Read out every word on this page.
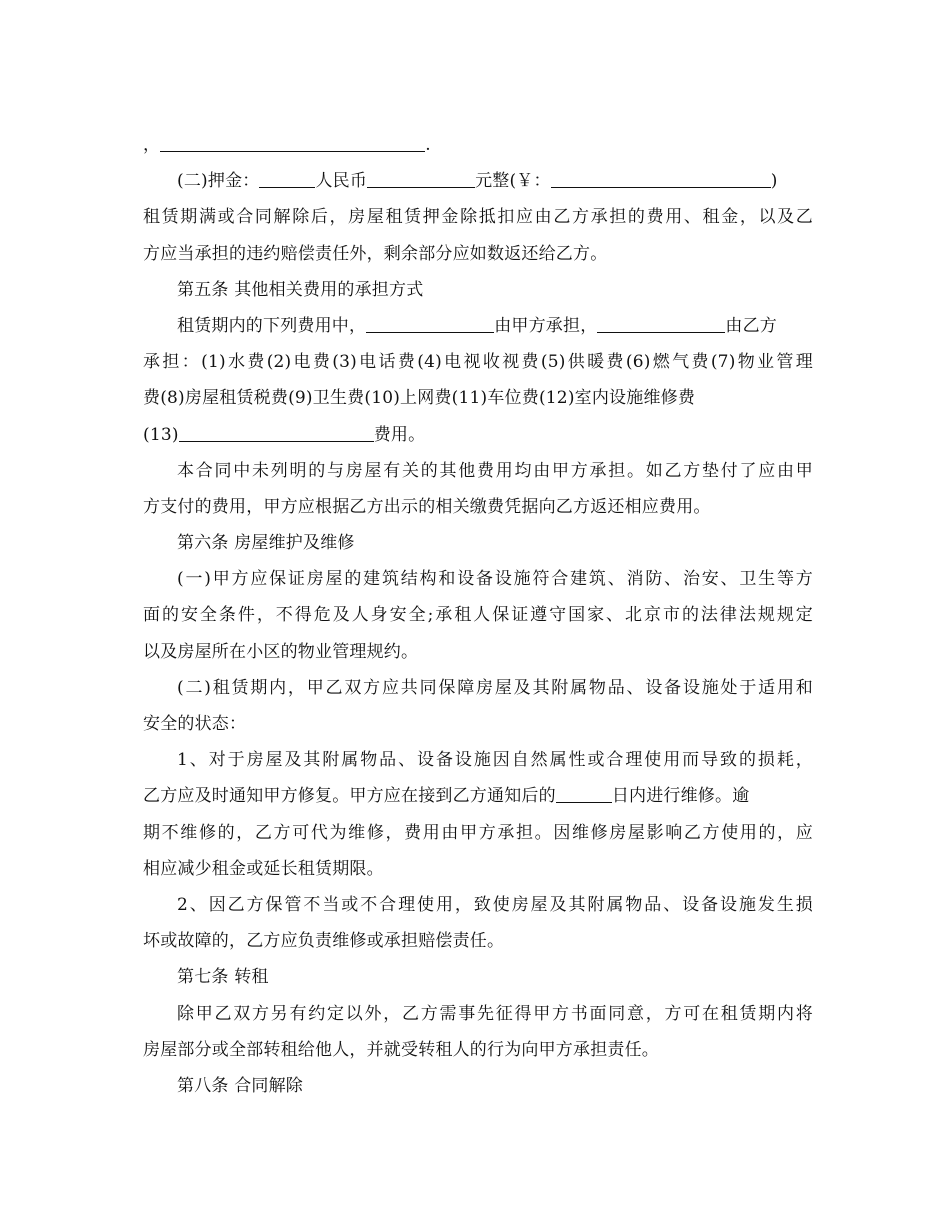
，	.
(二)押金：	人民币	元整(￥：	)
租赁期满或合同解除后，房屋租赁押金除抵扣应由乙方承担的费用、租金，以及乙
方应当承担的违约赔偿责任外，剩余部分应如数返还给乙方。
第五条 其他相关费用的承担方式
租赁期内的下列费用中，	由甲方承担，	由乙方
承担：(1)水费(2)电费(3)电话费(4)电视收视费(5)供暖费(6)燃气费(7)物业管理
费(8)房屋租赁税费(9)卫生费(10)上网费(11)车位费(12)室内设施维修费
(13)	费用。
本合同中未列明的与房屋有关的其他费用均由甲方承担。如乙方垫付了应由甲
方支付的费用，甲方应根据乙方出示的相关缴费凭据向乙方返还相应费用。
第六条 房屋维护及维修
(一)甲方应保证房屋的建筑结构和设备设施符合建筑、消防、治安、卫生等方
面的安全条件，不得危及人身安全;承租人保证遵守国家、北京市的法律法规规定
以及房屋所在小区的物业管理规约。
(二)租赁期内，甲乙双方应共同保障房屋及其附属物品、设备设施处于适用和
安全的状态：
1、对于房屋及其附属物品、设备设施因自然属性或合理使用而导致的损耗，
乙方应及时通知甲方修复。甲方应在接到乙方通知后的	日内进行维修。逾
期不维修的，乙方可代为维修，费用由甲方承担。因维修房屋影响乙方使用的，应
相应减少租金或延长租赁期限。
2、因乙方保管不当或不合理使用，致使房屋及其附属物品、设备设施发生损
坏或故障的，乙方应负责维修或承担赔偿责任。
第七条 转租
除甲乙双方另有约定以外，乙方需事先征得甲方书面同意，方可在租赁期内将
房屋部分或全部转租给他人，并就受转租人的行为向甲方承担责任。
第八条 合同解除
